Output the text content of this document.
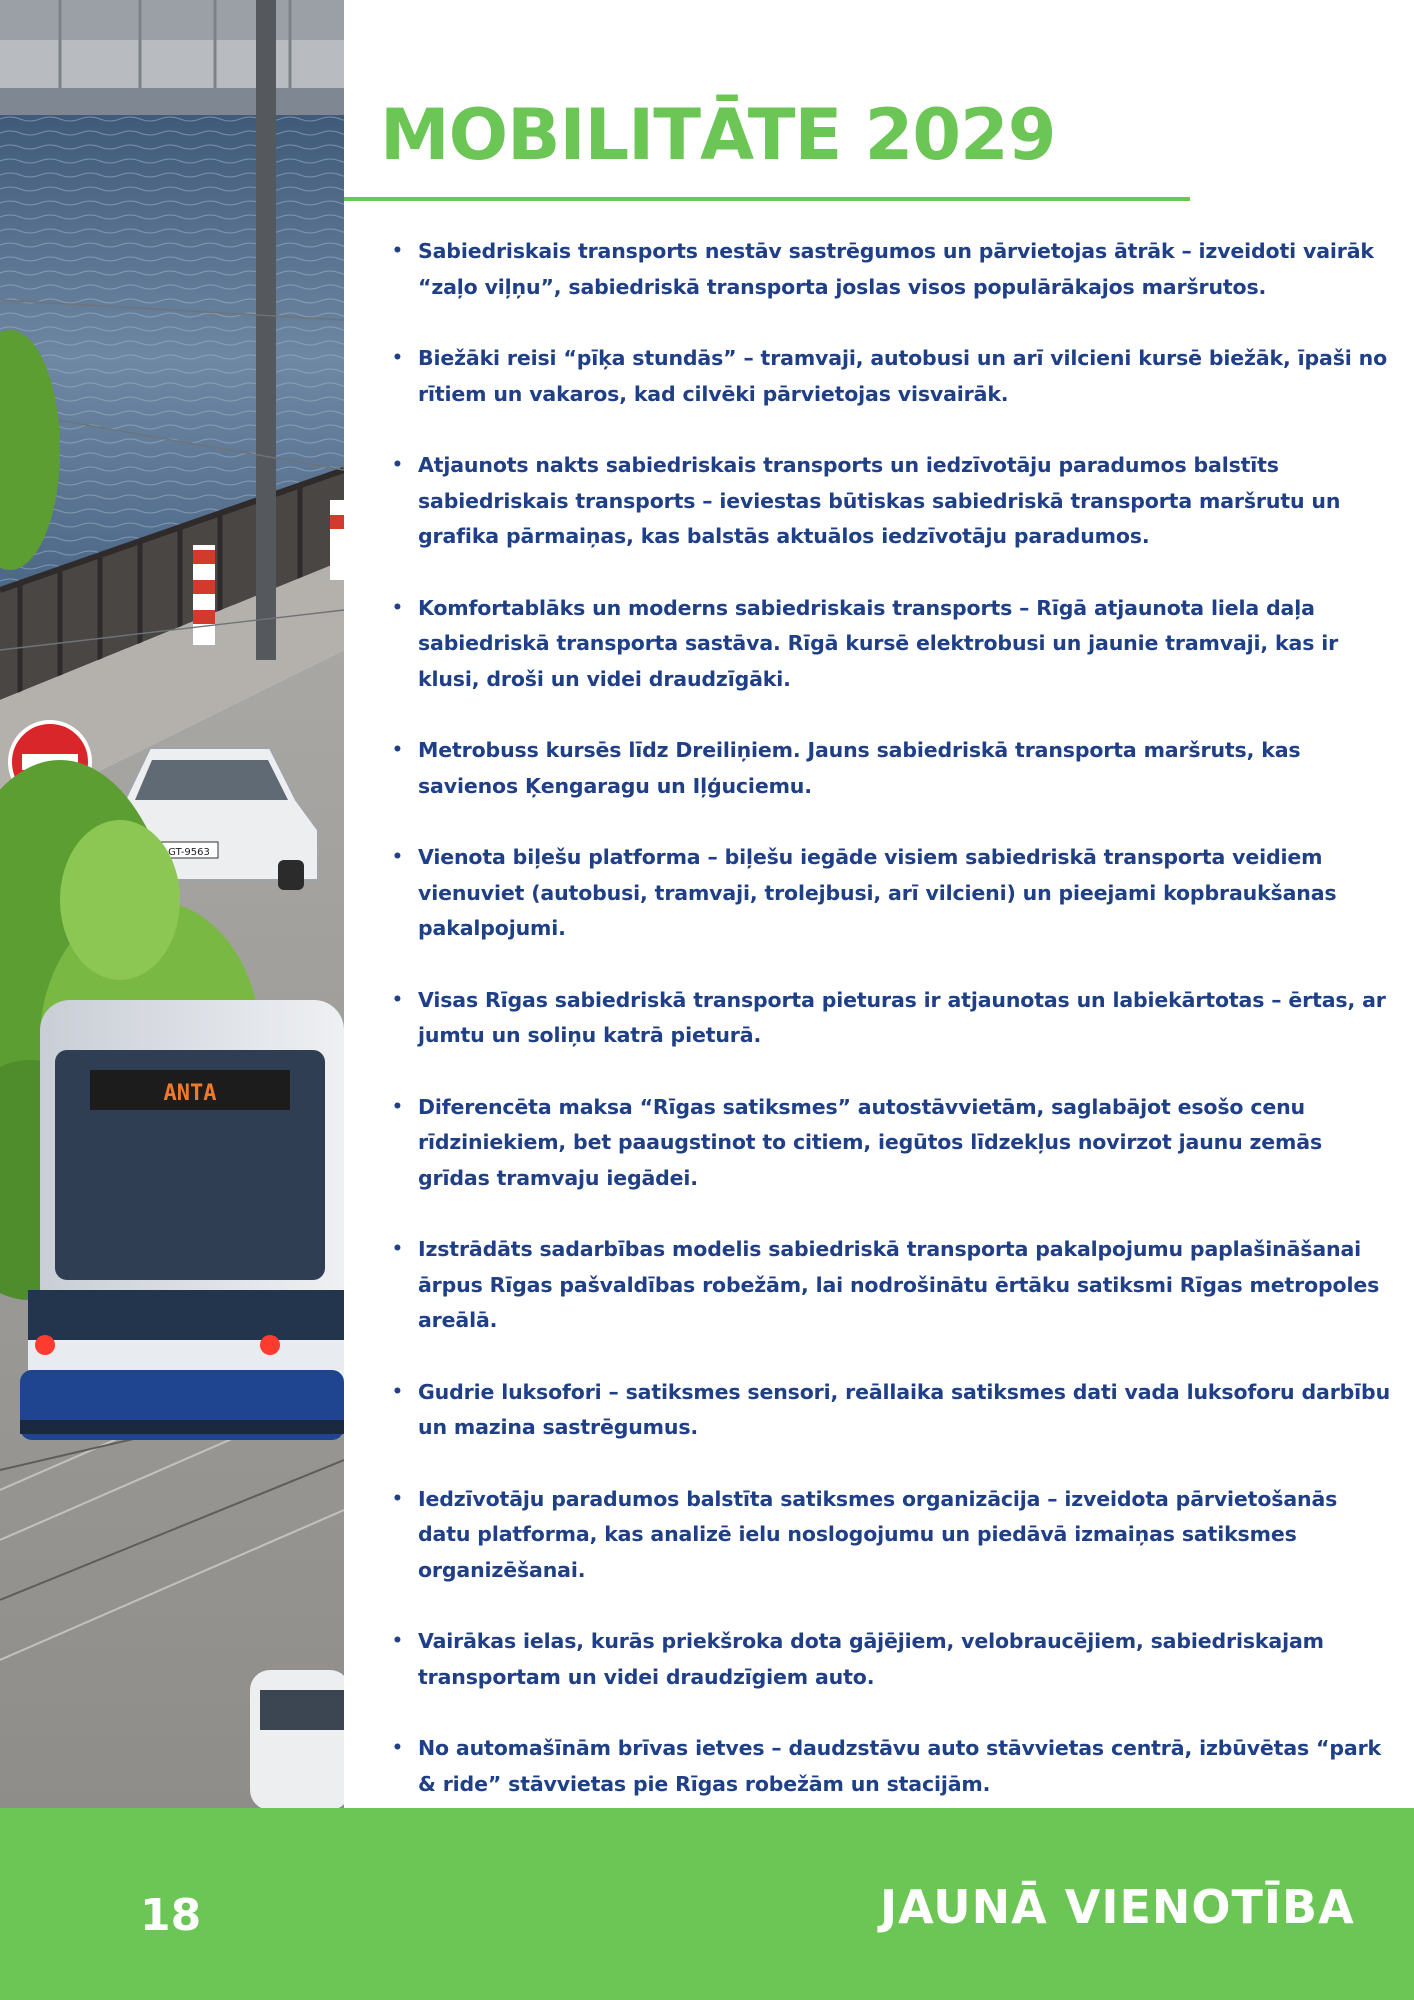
GT-9563
ANTA
MOBILITĀTE 2029
• Sabiedriskais transports nestāv sastrēgumos un pārvietojas ātrāk – izveidoti vairāk “zaļo viļņu”, sabiedriskā transporta joslas visos populārākajos maršrutos.
• Biežāki reisi “pīķa stundās” – tramvaji, autobusi un arī vilcieni kursē biežāk, īpaši no rītiem un vakaros, kad cilvēki pārvietojas visvairāk.
• Atjaunots nakts sabiedriskais transports un iedzīvotāju paradumos balstīts sabiedriskais transports – ieviestas būtiskas sabiedriskā transporta maršrutu un grafika pārmaiņas, kas balstās aktuālos iedzīvotāju paradumos.
• Komfortablāks un moderns sabiedriskais transports – Rīgā atjaunota liela daļa sabiedriskā transporta sastāva. Rīgā kursē elektrobusi un jaunie tramvaji, kas ir klusi, droši un videi draudzīgāki.
• Metrobuss kursēs līdz Dreiliņiem. Jauns sabiedriskā transporta maršruts, kas savienos Ķengaragu un Iļģuciemu.
• Vienota biļešu platforma – biļešu iegāde visiem sabiedriskā transporta veidiem vienuviet (autobusi, tramvaji, trolejbusi, arī vilcieni) un pieejami kopbraukšanas pakalpojumi.
• Visas Rīgas sabiedriskā transporta pieturas ir atjaunotas un labiekārtotas – ērtas, ar jumtu un soliņu katrā pieturā.
• Diferencēta maksa “Rīgas satiksmes” autostāvvietām, saglabājot esošo cenu rīdziniekiem, bet paaugstinot to citiem, iegūtos līdzekļus novirzot jaunu zemās grīdas tramvaju iegādei.
• Izstrādāts sadarbības modelis sabiedriskā transporta pakalpojumu paplašināšanai ārpus Rīgas pašvaldības robežām, lai nodrošinātu ērtāku satiksmi Rīgas metropoles areālā.
• Gudrie luksofori – satiksmes sensori, reāllaika satiksmes dati vada luksoforu darbību un mazina sastrēgumus.
• Iedzīvotāju paradumos balstīta satiksmes organizācija – izveidota pārvietošanās datu platforma, kas analizē ielu noslogojumu un piedāvā izmaiņas satiksmes organizēšanai.
• Vairākas ielas, kurās priekšroka dota gājējiem, velobraucējiem, sabiedriskajam transportam un videi draudzīgiem auto.
• No automašīnām brīvas ietves – daudzstāvu auto stāvvietas centrā, izbūvētas “park & ride” stāvvietas pie Rīgas robežām un stacijām.
18	JAUNĀ VIENOTĪBA
